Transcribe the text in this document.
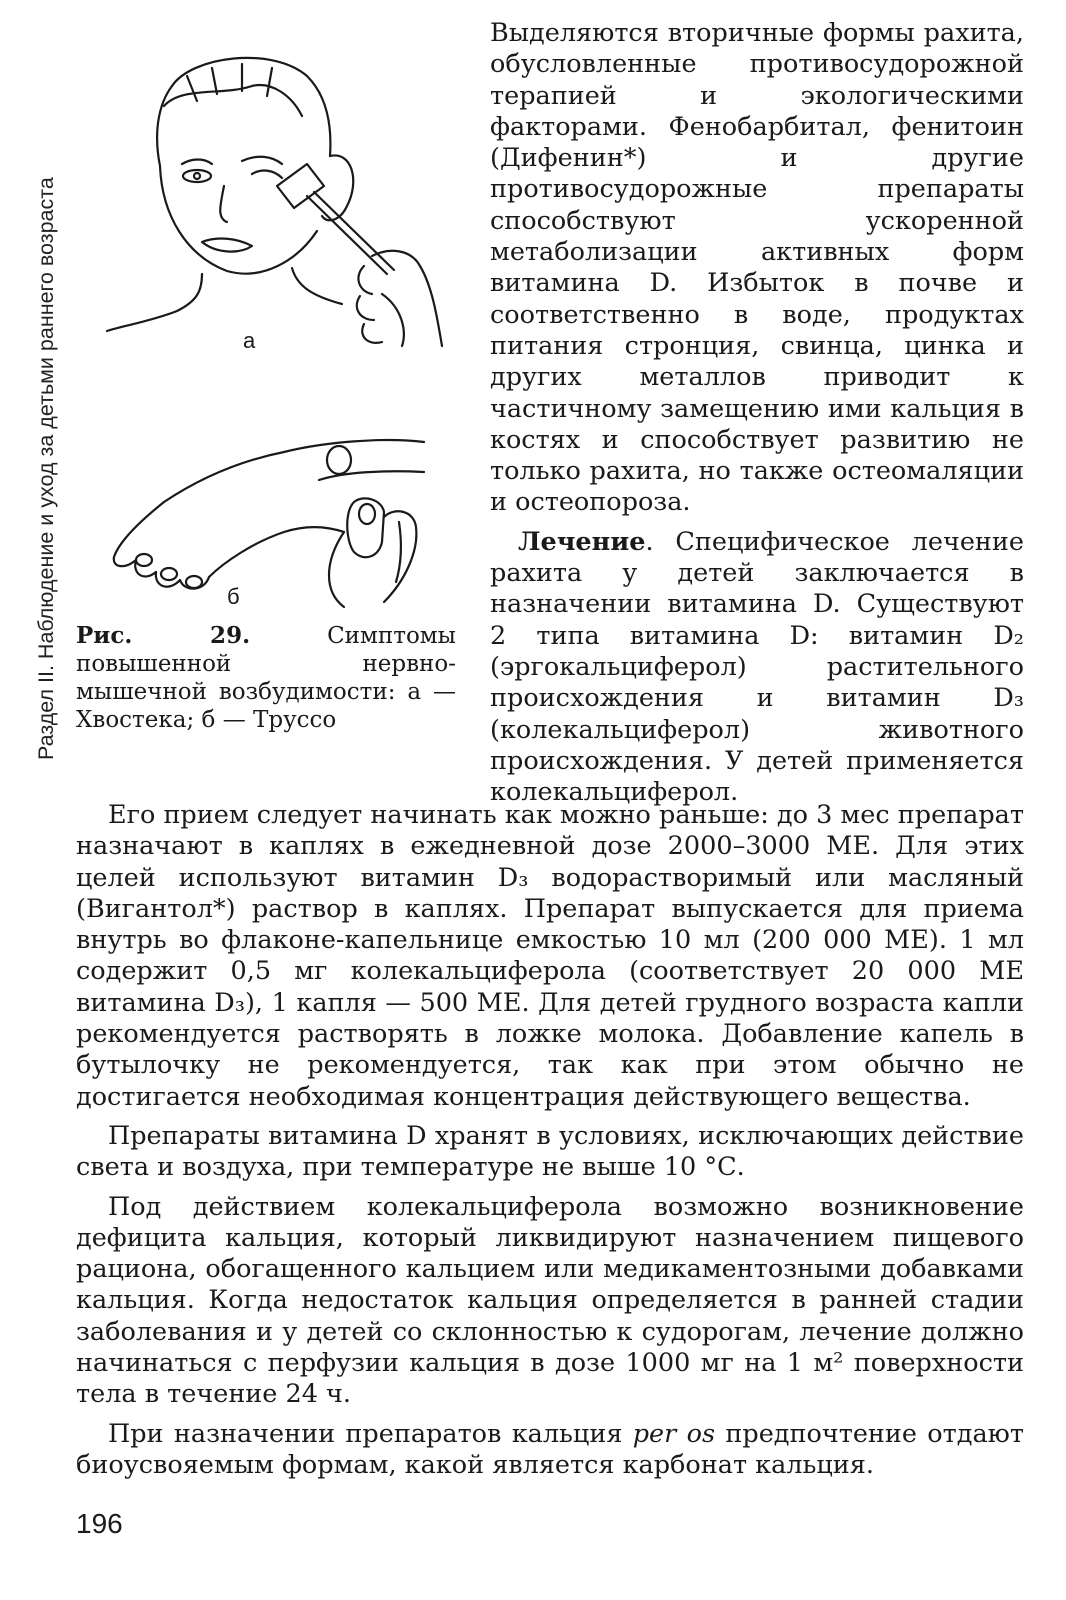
Раздел II. Наблюдение и уход за детьми раннего возраста	а
б
Рис. 29.	Симптомы повышенной нервно-мышечной возбудимости: а — Хвостека; б — Труссо

Выделяются вторичные формы рахита, обусловленные противосудорожной терапией и экологическими факторами. Фенобарбитал, фенитоин (Дифенин*) и другие противосудорожные препараты способствуют ускоренной метаболизации активных форм витамина D. Избыток в почве и соответственно в воде, продуктах питания стронция, свинца, цинка и других металлов приводит к частичному замещению ими кальция в костях и способствует развитию не только рахита, но также остеомаляции и остеопороза.

Лечение. Специфическое лечение рахита у детей заключается в назначении витамина D. Существуют 2 типа витамина D: витамин D₂ (эргокальциферол) растительного происхождения и витамин D₃ (колекальциферол) животного происхождения. У детей применяется колекальциферол.

Его прием следует начинать как можно раньше: до 3 мес препарат назначают в каплях в ежедневной дозе 2000–3000 МЕ. Для этих целей используют витамин D₃ водорастворимый или масляный (Вигантол*) раствор в каплях. Препарат выпускается для приема внутрь во флаконе-капельнице емкостью 10 мл (200 000 МЕ). 1 мл содержит 0,5 мг колекальциферола (соответствует 20 000 МЕ витамина D₃), 1 капля — 500 МЕ. Для детей грудного возраста капли рекомендуется растворять в ложке молока. Добавление капель в бутылочку не рекомендуется, так как при этом обычно не достигается необходимая концентрация действующего вещества.

Препараты витамина D хранят в условиях, исключающих действие света и воздуха, при температуре не выше 10 °С.

Под действием колекальциферола возможно возникновение дефицита кальция, который ликвидируют назначением пищевого рациона, обогащенного кальцием или медикаментозными добавками кальция. Когда недостаток кальция определяется в ранней стадии заболевания и у детей со склонностью к судорогам, лечение должно начинаться с перфузии кальция в дозе 1000 мг на 1 м² поверхности тела в течение 24 ч.

При назначении препаратов кальция per os предпочтение отдают биоусвояемым формам, какой является карбонат кальция.

196
